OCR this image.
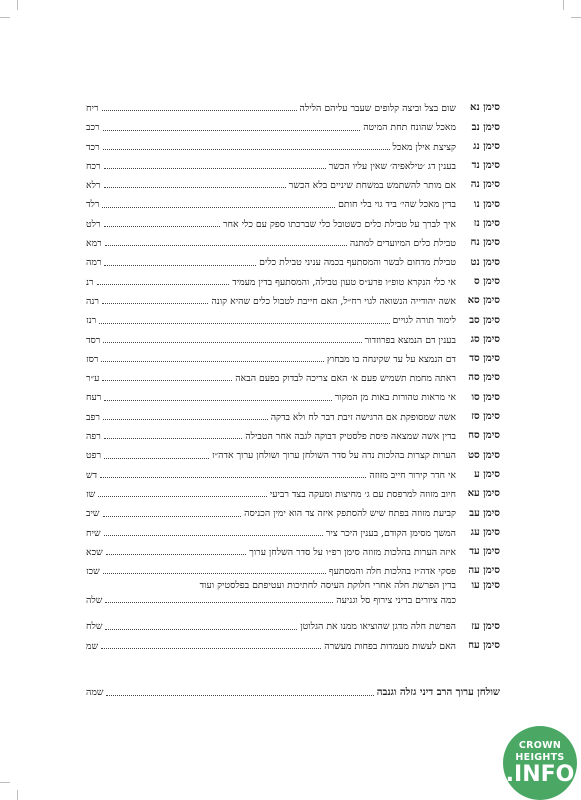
סימן נא
שום בצל וביצה קלופים שעבר עליהם הלילה
ריח
סימן נב
מאכל שהונח תחת המיטה
רכב
סימן נג
קציצת אילן מאכל
רכד
סימן נד
בענין דג ׳טילאפיה׳ שאין עליו הכשר
רכח
סימן נה
אם מותר להשתמש במשחת שיניים בלא הכשר
רלא
סימן נו
בדין מאכל שהי׳ ביד גוי בלי חותם
רלד
סימן נז
איך לברך על טבילת כלים כשטובל כלי שברכתו ספק עם כלי אחר
רלט
סימן נח
טבילת כלים המיועדים למתנה
רמא
סימן נט
טבילת מדחום לבשר והמסתעף בכמה עניני טבילת כלים
רמה
סימן ס
אי כלי הנקרא טופ״ו פרע״ס טעון טבילה, והמסתעף בדין מעמיד
רנ
סימן סא
אשה יהודייה הנשואה לגוי רח״ל, האם חייבת לטבול כלים שהיא קונה
רנה
סימן סב
לימוד תורה לגויים
רנז
סימן סג
בענין דם הנמצא בפרוזדור
רסד
סימן סד
דם הנמצא על עד שקינחה בו מבחוץ
רסז
סימן סה
ראתה מחמת תשמיש פעם א׳ האם צריכה לבדוק בפעם הבאה
ע״ר
סימן סו
אי מראות טהורות באות מן המקור
רעח
סימן סז
אשה שמסופקת אם הרגישה זיבת דבר לח ולא בדקה
רפב
סימן סח
בדין אשה שמצאה פיסת פלסטיק דבוקה לגבה אחר הטבילה
רפה
סימן סט
הערות קצרות בהלכות נדה על סדר השולחן ערוך ושולחן ערוך אדה״ז
רפט
סימן ע
אי חדר קירור חייב מזוזה
דש
סימן עא
חיוב מזוזה למרפסת עם ג׳ מחיצות ומעקה בצד רביעי
שז
סימן עב
קביעת מזוזה בפתח שיש להסתפק איזה צד הוא ימין הכניסה
שיב
סימן עג
המשך מסימן הקודם, בענין היכר ציר
שיח
סימן עד
איזה הערות בהלכות מזוזה סימן רפ״ו על סדר השלחן ערוך
שכא
סימן עה
פסקי אדה״ז בהלכות חלה והמסתעף
שכז
סימן עו
בדין הפרשת חלה אחרי חלוקת העיסה לחתיכות ועטיפתם בפלסטיק ועוד
כמה ציורים בדיני צירוף סל וגניעה
שלה
סימן עז
הפרשת חלה מדגן שהוציאו ממנו את הגלוטן
שלח
סימן עח
האם לעשות מעמדות בפחות מעשרה
שמ
שולחן ערוך הרב דיני גזלה וגנבה
שמה
CROWN
HEIGHTS
.INFO
